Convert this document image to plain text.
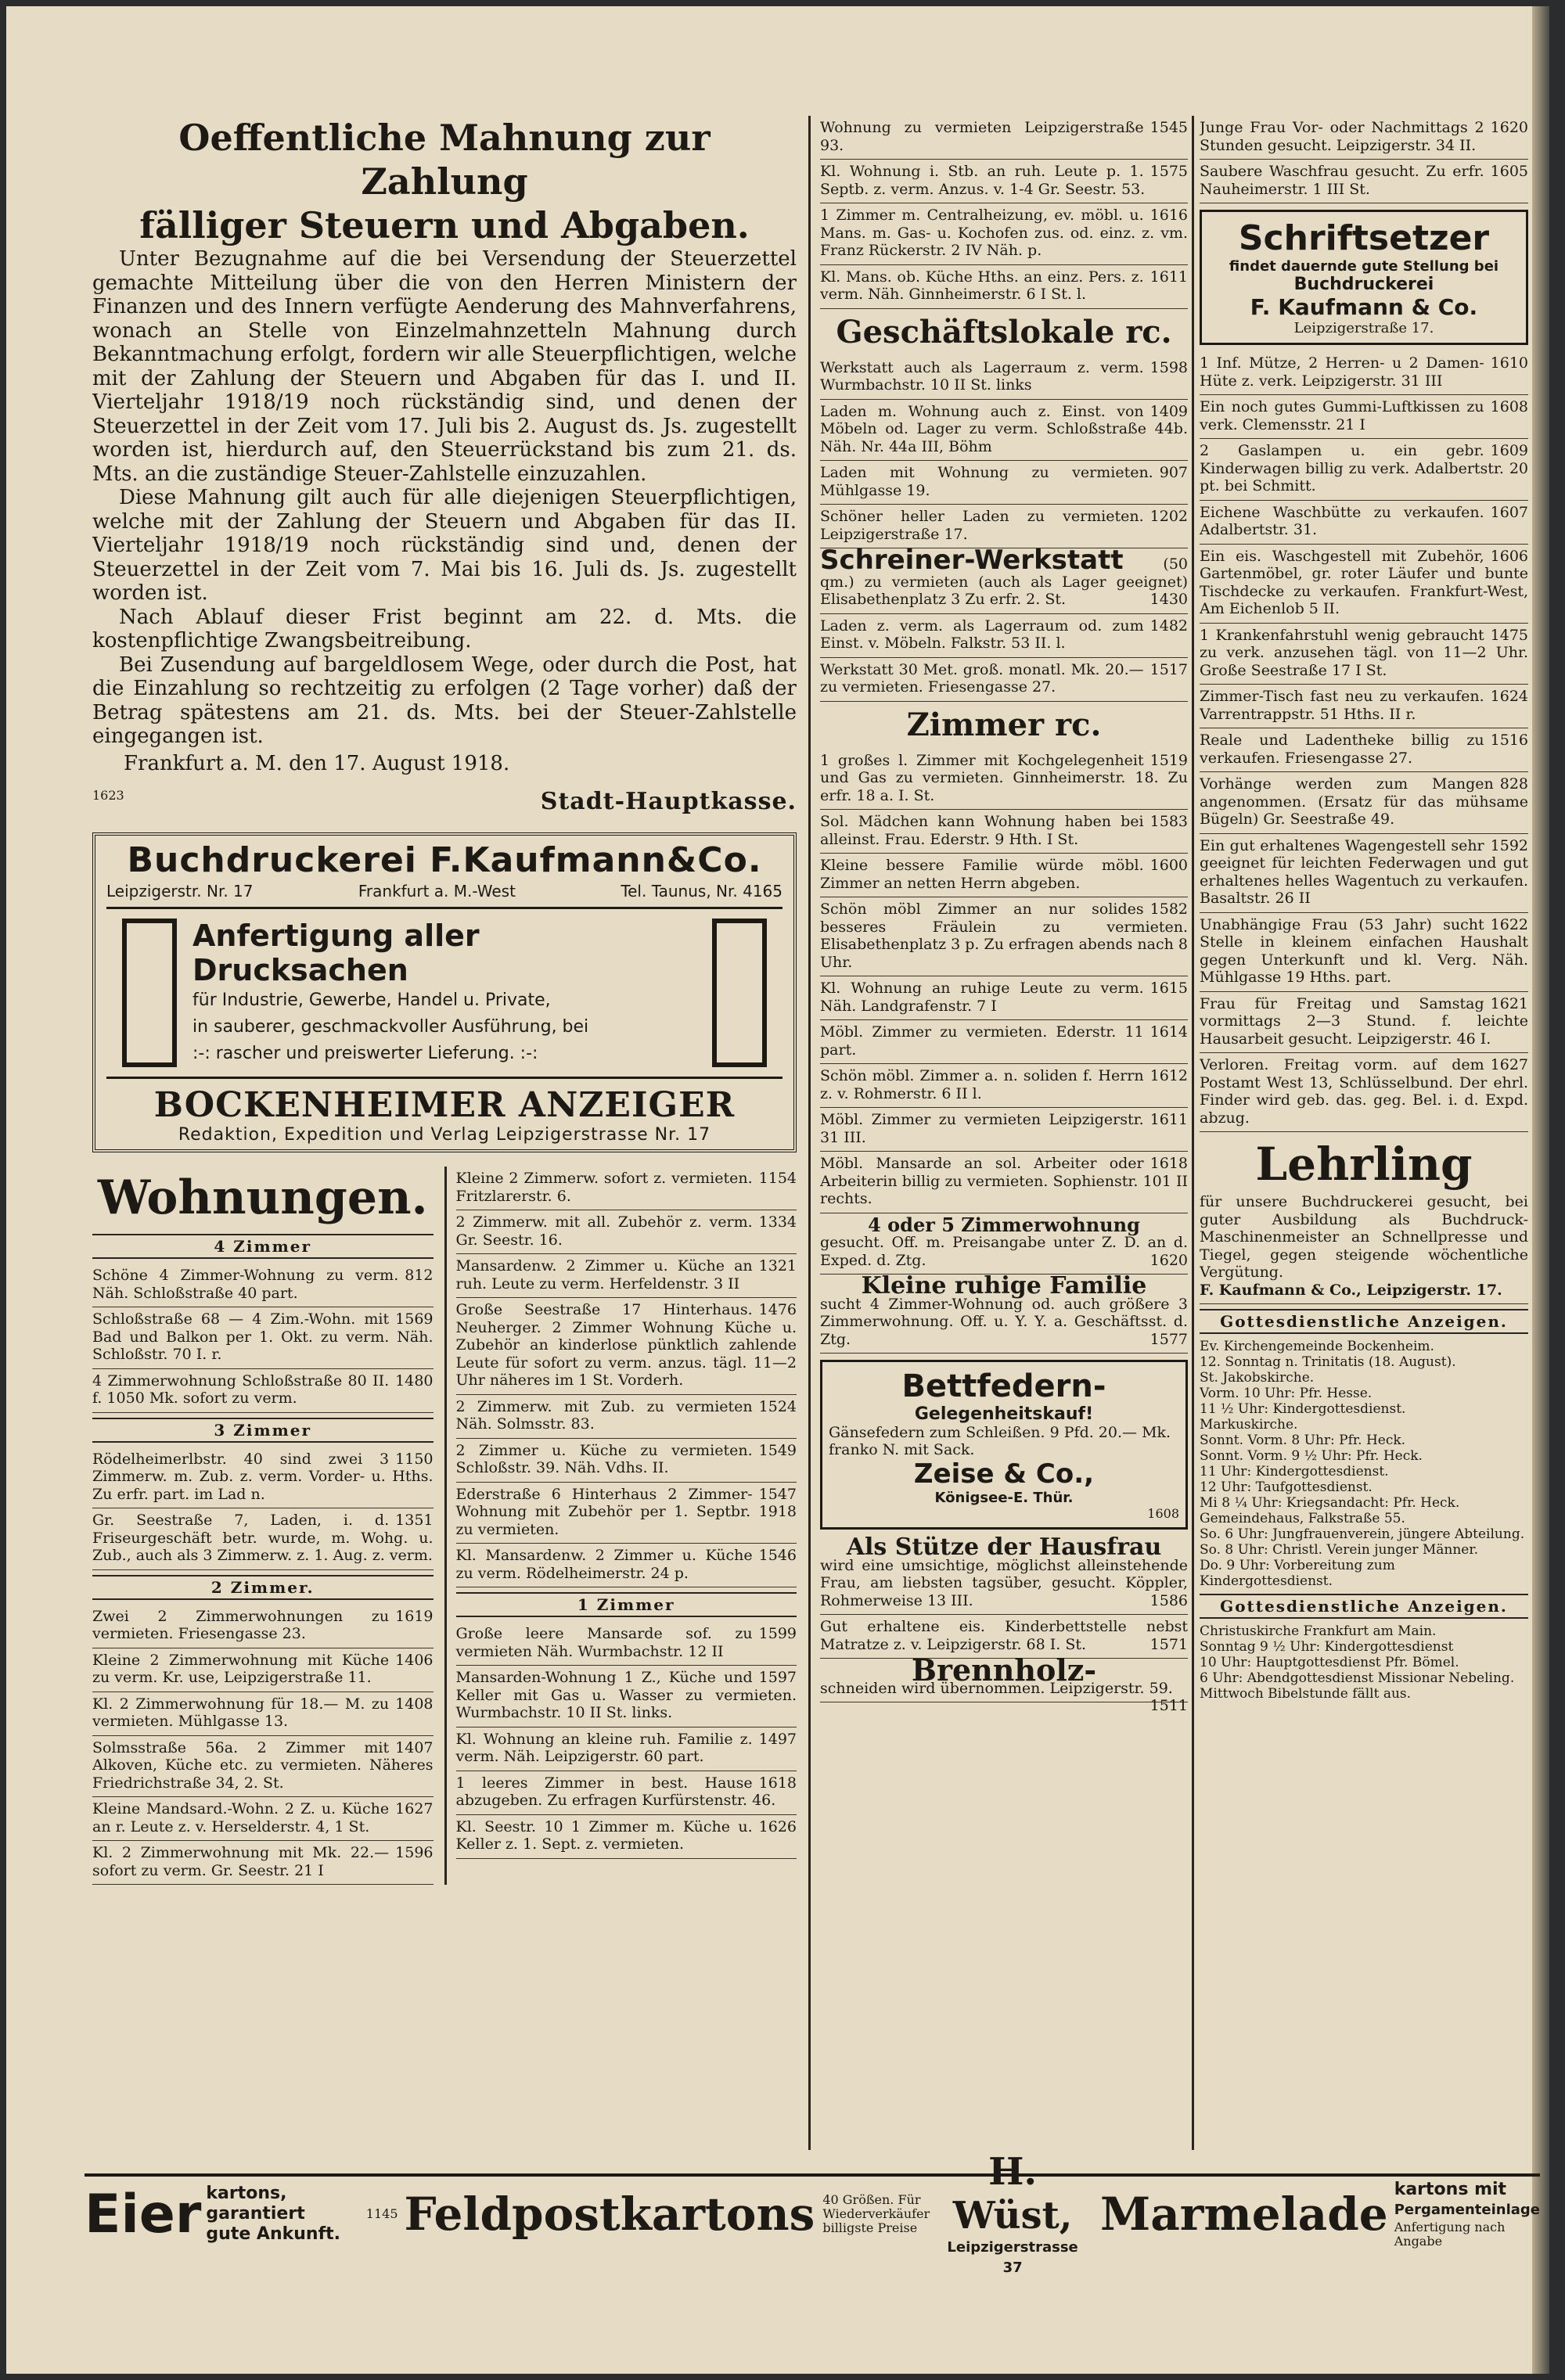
Oeffentliche Mahnung zur Zahlung
fälliger Steuern und Abgaben.

Unter Bezugnahme auf die bei Versendung der Steuerzettel gemachte Mitteilung über die von den Herren Ministern der Finanzen und des Innern verfügte Aenderung des Mahnverfahrens, wonach an Stelle von Einzelmahnzetteln Mahnung durch Bekanntmachung erfolgt, fordern wir alle Steuerpflichtigen, welche mit der Zahlung der Steuern und Abgaben für das I. und II. Vierteljahr 1918/19 noch rückständig sind, und denen der Steuerzettel in der Zeit vom 17. Juli bis 2. August ds. Js. zugestellt worden ist, hierdurch auf, den Steuerrückstand bis zum 21. ds. Mts. an die zuständige Steuer-Zahlstelle einzuzahlen.

Diese Mahnung gilt auch für alle diejenigen Steuerpflichtigen, welche mit der Zahlung der Steuern und Abgaben für das II. Vierteljahr 1918/19 noch rückständig sind und, denen der Steuerzettel in der Zeit vom 7. Mai bis 16. Juli ds. Js. zugestellt worden ist.

Nach Ablauf dieser Frist beginnt am 22. d. Mts. die kostenpflichtige Zwangsbeitreibung.

Bei Zusendung auf bargeldlosem Wege, oder durch die Post, hat die Einzahlung so rechtzeitig zu erfolgen (2 Tage vorher) daß der Betrag spätestens am 21. ds. Mts. bei der Steuer-Zahlstelle eingegangen ist.

Frankfurt a. M. den 17. August 1918.

1623	Stadt-Hauptkasse.
Buchdruckerei F.Kaufmann&Co.
Leipzigerstr. Nr. 17	Frankfurt a. M.-West	Tel. Taunus, Nr. 4165
Anfertigung aller Drucksachen
für Industrie, Gewerbe, Handel u. Private,
in sauberer, geschmackvoller Ausführung, bei
:-: rascher und preiswerter Lieferung. :-:
BOCKENHEIMER ANZEIGER
Redaktion, Expedition und Verlag Leipzigerstrasse Nr. 17
Wohnungen.
4 Zimmer
812
Schöne 4 Zimmer-Wohnung zu verm. Näh. Schloßstraße 40 part.
1569
Schloßstraße 68 — 4 Zim.-Wohn. mit Bad und Balkon per 1. Okt. zu verm. Näh. Schloßstr. 70 I. r.
1480
4 Zimmerwohnung Schloßstraße 80 II. f. 1050 Mk. sofort zu verm.
3 Zimmer
1150
Rödelheimerlbstr. 40 sind zwei 3 Zimmerw. m. Zub. z. verm. Vorder- u. Hths. Zu erfr. part. im Lad n.
1351
Gr. Seestraße 7, Laden, i. d. Friseurgeschäft betr. wurde, m. Wohg. u. Zub., auch als 3 Zimmerw. z. 1. Aug. z. verm.
2 Zimmer.
1619
Zwei 2 Zimmerwohnungen zu vermieten. Friesengasse 23.
1406
Kleine 2 Zimmerwohnung mit Küche zu verm. Kr. use, Leipzigerstraße 11.
1408
Kl. 2 Zimmerwohnung für 18.— M. zu vermieten. Mühlgasse 13.
1407
Solmsstraße 56a. 2 Zimmer mit Alkoven, Küche etc. zu vermieten. Näheres Friedrichstraße 34, 2. St.
1627
Kleine Mandsard.-Wohn. 2 Z. u. Küche an r. Leute z. v. Herselderstr. 4, 1 St.
1596
Kl. 2 Zimmerwohnung mit Mk. 22.— sofort zu verm. Gr. Seestr. 21 I
1154
Kleine 2 Zimmerw. sofort z. vermieten. Fritzlarerstr. 6.
1334
2 Zimmerw. mit all. Zubehör z. verm. Gr. Seestr. 16.
1321
Mansardenw. 2 Zimmer u. Küche an ruh. Leute zu verm. Herfeldenstr. 3 II
1476
Große Seestraße 17 Hinterhaus. Neuherger. 2 Zimmer Wohnung Küche u. Zubehör an kinderlose pünktlich zahlende Leute für sofort zu verm. anzus. tägl. 11—2 Uhr näheres im 1 St. Vorderh.
1524
2 Zimmerw. mit Zub. zu vermieten Näh. Solmsstr. 83.
1549
2 Zimmer u. Küche zu vermieten. Schloßstr. 39. Näh. Vdhs. II.
1547
Ederstraße 6 Hinterhaus 2 Zimmer-Wohnung mit Zubehör per 1. Septbr. 1918 zu vermieten.
1546
Kl. Mansardenw. 2 Zimmer u. Küche zu verm. Rödelheimerstr. 24 p.
1 Zimmer
1599
Große leere Mansarde sof. zu vermieten Näh. Wurmbachstr. 12 II
1597
Mansarden-Wohnung 1 Z., Küche und Keller mit Gas u. Wasser zu vermieten. Wurmbachstr. 10 II St. links.
1497
Kl. Wohnung an kleine ruh. Familie z. verm. Näh. Leipzigerstr. 60 part.
1618
1 leeres Zimmer in best. Hause abzugeben. Zu erfragen Kurfürstenstr. 46.
1626
Kl. Seestr. 10 1 Zimmer m. Küche u. Keller z. 1. Sept. z. vermieten.
1545
Wohnung zu vermieten Leipzigerstraße 93.
1575
Kl. Wohnung i. Stb. an ruh. Leute p. 1. Septb. z. verm. Anzus. v. 1-4 Gr. Seestr. 53.
1616
1 Zimmer m. Centralheizung, ev. möbl. u. Mans. m. Gas- u. Kochofen zus. od. einz. z. vm. Franz Rückerstr. 2 IV Näh. p.
1611
Kl. Mans. ob. Küche Hths. an einz. Pers. z. verm. Näh. Ginnheimerstr. 6 I St. l.
Geschäftslokale rc.
1598
Werkstatt auch als Lagerraum z. verm. Wurmbachstr. 10 II St. links
1409
Laden m. Wohnung auch z. Einst. von Möbeln od. Lager zu verm. Schloßstraße 44b. Näh. Nr. 44a III, Böhm
907
Laden mit Wohnung zu vermieten. Mühlgasse 19.
1202
Schöner heller Laden zu vermieten. Leipzigerstraße 17.
Schreiner-Werkstatt	(50 qm.) zu vermieten (auch als Lager geeignet) Elisabethenplatz 3 Zu erfr. 2. St.	1430
1482
Laden z. verm. als Lagerraum od. zum Einst. v. Möbeln. Falkstr. 53 II. l.
1517
Werkstatt 30 Met. groß. monatl. Mk. 20.— zu vermieten. Friesengasse 27.
Zimmer rc.
1519
1 großes l. Zimmer mit Kochgelegenheit und Gas zu vermieten. Ginnheimerstr. 18. Zu erfr. 18 a. I. St.
1583
Sol. Mädchen kann Wohnung haben bei alleinst. Frau. Ederstr. 9 Hth. I St.
1600
Kleine bessere Familie würde möbl. Zimmer an netten Herrn abgeben.
1582
Schön möbl Zimmer an nur solides besseres Fräulein zu vermieten. Elisabethenplatz 3 p. Zu erfragen abends nach 8 Uhr.
1615
Kl. Wohnung an ruhige Leute zu verm. Näh. Landgrafenstr. 7 I
1614
Möbl. Zimmer zu vermieten. Ederstr. 11 part.
1612
Schön möbl. Zimmer a. n. soliden f. Herrn z. v. Rohmerstr. 6 II l.
1611
Möbl. Zimmer zu vermieten Leipzigerstr. 31 III.
1618
Möbl. Mansarde an sol. Arbeiter oder Arbeiterin billig zu vermieten. Sophienstr. 101 II rechts.
4 oder 5 Zimmerwohnung
gesucht. Off. m. Preisangabe unter Z. D. an d. Exped. d. Ztg.	1620
Kleine ruhige Familie
sucht 4 Zimmer-Wohnung od. auch größere 3 Zimmerwohnung. Off. u. Y. Y. a. Geschäftsst. d. Ztg.	1577
Bettfedern-
Gelegenheitskauf!
Gänsefedern zum Schleißen. 9 Pfd. 20.— Mk. franko N. mit Sack.
Zeise & Co.,
Königsee-E. Thür.
1608
Als Stütze der Hausfrau
wird eine umsichtige, möglichst alleinstehende Frau, am liebsten tagsüber, gesucht. Köppler, Rohmerweise 13 III.	1586
Gut erhaltene eis. Kinderbettstelle nebst Matratze z. v. Leipzigerstr. 68 I. St.	1571
Brennholz-
schneiden wird übernommen. Leipzigerstr. 59.
1511
1620
Junge Frau Vor- oder Nachmittags 2 Stunden gesucht. Leipzigerstr. 34 II.
1605
Saubere Waschfrau gesucht. Zu erfr. Nauheimerstr. 1 III St.
Schriftsetzer
findet dauernde gute Stellung bei
Buchdruckerei
F. Kaufmann & Co.
Leipzigerstraße 17.
1610
1 Inf. Mütze, 2 Herren- u 2 Damen-Hüte z. verk. Leipzigerstr. 31 III
1608
Ein noch gutes Gummi-Luftkissen zu verk. Clemensstr. 21 I
1609
2 Gaslampen u. ein gebr. Kinderwagen billig zu verk. Adalbertstr. 20 pt. bei Schmitt.
1607
Eichene Waschbütte zu verkaufen. Adalbertstr. 31.
1606
Ein eis. Waschgestell mit Zubehör, Gartenmöbel, gr. roter Läufer und bunte Tischdecke zu verkaufen. Frankfurt-West, Am Eichenlob 5 II.
1475
1 Krankenfahrstuhl wenig gebraucht zu verk. anzusehen tägl. von 11—2 Uhr. Große Seestraße 17 I St.
1624
Zimmer-Tisch fast neu zu verkaufen. Varrentrappstr. 51 Hths. II r.
1516
Reale und Ladentheke billig zu verkaufen. Friesengasse 27.
828
Vorhänge werden zum Mangen angenommen. (Ersatz für das mühsame Bügeln) Gr. Seestraße 49.
1592
Ein gut erhaltenes Wagengestell sehr geeignet für leichten Federwagen und gut erhaltenes helles Wagentuch zu verkaufen. Basaltstr. 26 II
1622
Unabhängige Frau (53 Jahr) sucht Stelle in kleinem einfachen Haushalt gegen Unterkunft und kl. Verg. Näh. Mühlgasse 19 Hths. part.
1621
Frau für Freitag und Samstag vormittags 2—3 Stund. f. leichte Hausarbeit gesucht. Leipzigerstr. 46 I.
1627
Verloren. Freitag vorm. auf dem Postamt West 13, Schlüsselbund. Der ehrl. Finder wird geb. das. geg. Bel. i. d. Expd. abzug.
Lehrling
für unsere Buchdruckerei gesucht, bei guter Ausbildung als Buchdruck-Maschinenmeister an Schnellpresse und Tiegel, gegen steigende wöchentliche Vergütung.
F. Kaufmann & Co., Leipzigerstr. 17.
Gottesdienstliche Anzeigen.
Ev. Kirchengemeinde Bockenheim.
12. Sonntag n. Trinitatis (18. August).
St. Jakobskirche.
Vorm. 10 Uhr: Pfr. Hesse.
11 ½ Uhr: Kindergottesdienst.
Markuskirche.
Sonnt. Vorm. 8 Uhr: Pfr. Heck.
Sonnt. Vorm. 9 ½ Uhr: Pfr. Heck.
11 Uhr: Kindergottesdienst.
12 Uhr: Taufgottesdienst.
Mi 8 ¼ Uhr: Kriegsandacht: Pfr. Heck.
Gemeindehaus, Falkstraße 55.
So. 6 Uhr: Jungfrauenverein, jüngere Abteilung.
So. 8 Uhr: Christl. Verein junger Männer.
Do. 9 Uhr: Vorbereitung zum Kindergottesdienst.
Gottesdienstliche Anzeigen.
Christuskirche Frankfurt am Main.
Sonntag 9 ½ Uhr: Kindergottesdienst
10 Uhr: Hauptgottesdienst Pfr. Bömel.
6 Uhr: Abendgottesdienst Missionar Nebeling.
Mittwoch Bibelstunde fällt aus.
Eier kartons, garantiert
gute Ankunft.
1145 Feldpostkartons 40 Größen. Für Wiederverkäufer billigste Preise
H. Wüst,
Leipzigerstrasse 37
Marmelade kartons mit
Pergamenteinlage
Anfertigung nach Angabe
